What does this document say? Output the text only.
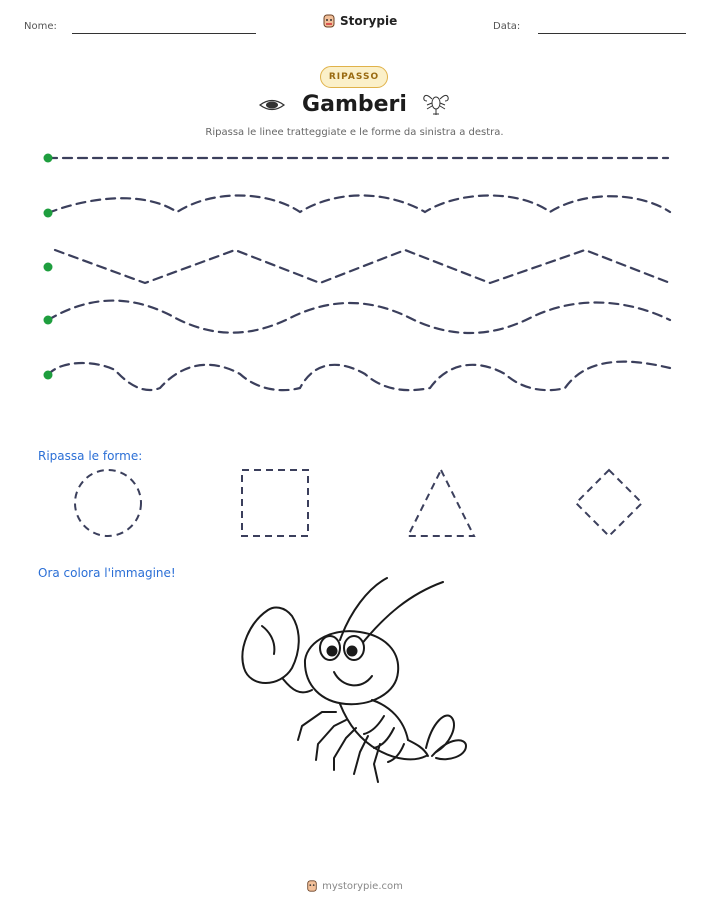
Nome:	Storypie	Data:
RIPASSO
Gamberi
Ripassa le linee tratteggiate e le forme da sinistra a destra.
Ripassa le forme:
Ora colora l'immagine!
mystorypie.com
